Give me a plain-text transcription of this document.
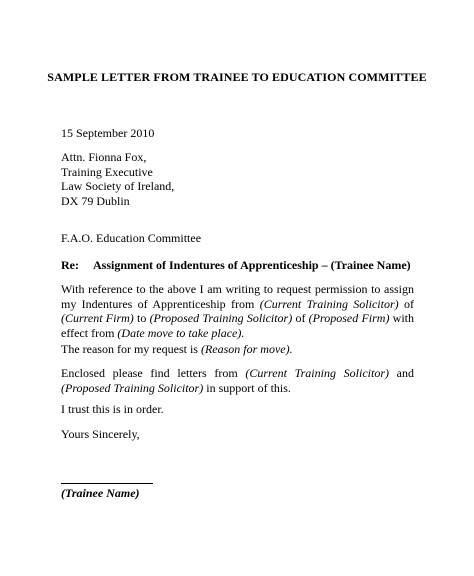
SAMPLE LETTER FROM TRAINEE TO EDUCATION COMMITTEE
15 September 2010
Attn. Fionna Fox,
Training Executive
Law Society of Ireland,
DX 79 Dublin
F.A.O. Education Committee
Re: Assignment of Indentures of Apprenticeship – (Trainee Name)
With reference to the above I am writing to request permission to assign my Indentures of Apprenticeship from (Current Training Solicitor) of (Current Firm) to (Proposed Training Solicitor) of (Proposed Firm) with effect from (Date move to take place).
The reason for my request is (Reason for move).
Enclosed please find letters from (Current Training Solicitor) and (Proposed Training Solicitor) in support of this.
I trust this is in order.
Yours Sincerely,
(Trainee Name)
